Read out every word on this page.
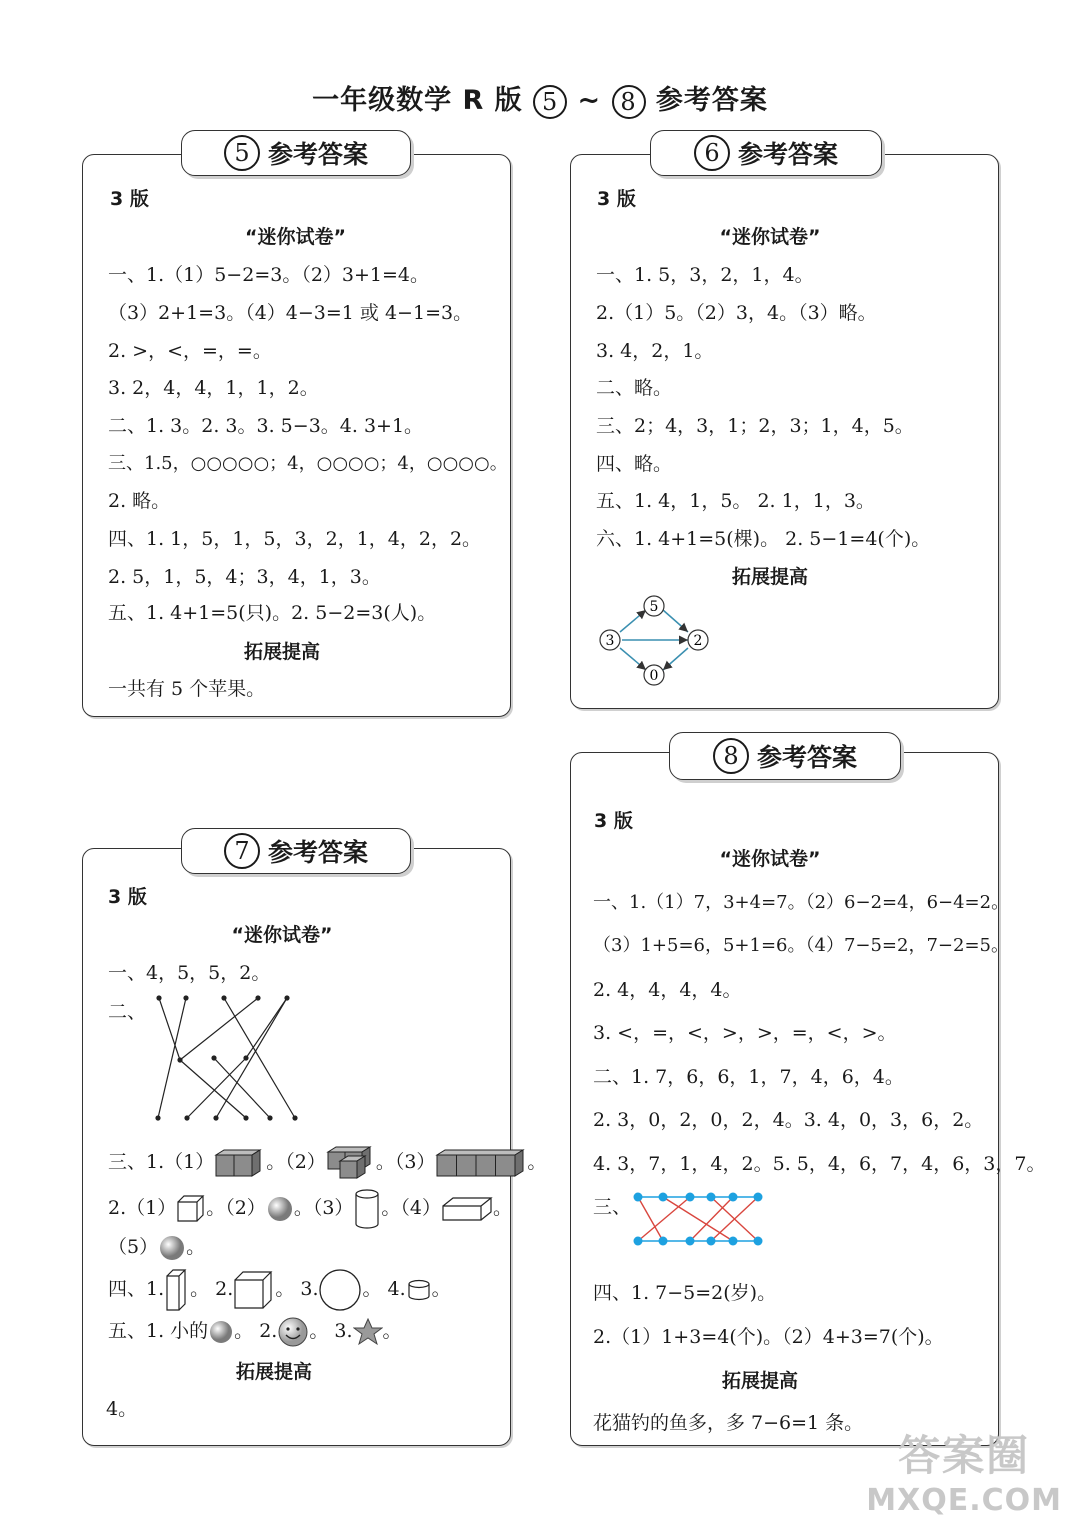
一年级数学 R 版 5 ~ 8 参考答案
5 参考答案
3 版
“迷你试卷”
一、1.（1）5−2=3。（2）3+1=4。
（3）2+1=3。（4）4−3=1 或 4−1=3。
2. >，<，=，=。
3. 2，4，4，1，1，2。
二、1. 3。2. 3。3. 5−3。4. 3+1。
三、1.5，○○○○○；4，○○○○；4，○○○○。
2. 略。
四、1. 1，5，1，5，3，2，1，4，2，2。
2. 5，1，5，4；3，4，1，3。
五、1. 4+1=5(只)。2. 5−2=3(人)。
拓展提高
一共有 5 个苹果。
6 参考答案
3 版
“迷你试卷”
一、1. 5，3，2，1，4。
2.（1）5。（2）3，4。（3）略。
3. 4，2，1。
二、略。
三、2；4，3，1；2，3；1，4，5。
四、略。
五、1. 4，1，5。 2. 1，1，3。
六、1. 4+1=5(棵)。 2. 5−1=4(个)。
拓展提高
5
3	2
0
7 参考答案
3 版
“迷你试卷”
一、4，5，5，2。
二、
三、1.（1）	。（2）	。（3）	。
2.（1） 。（2） 。（3） 。（4）	。
（5） 。
四、1. 。 2. 。 3. 。 4. 。
五、1. 小的 。 2. 。 3. 。
拓展提高
4。
8 参考答案
3 版
“迷你试卷”
一、1.（1）7，3+4=7。（2）6−2=4，6−4=2。
（3）1+5=6，5+1=6。（4）7−5=2，7−2=5。
2. 4，4，4，4。
3. <，=，<，>，>，=，<，>。
二、1. 7，6，6，1，7，4，6，4。
2. 3，0，2，0，2，4。3. 4，0，3，6，2。
4. 3，7，1，4，2。5. 5，4，6，7，4，6，3，7。
三、
四、1. 7−5=2(岁)。
2.（1）1+3=4(个)。（2）4+3=7(个)。
拓展提高
花猫钓的鱼多，多 7−6=1 条。
答案圈
MXQE.COM
